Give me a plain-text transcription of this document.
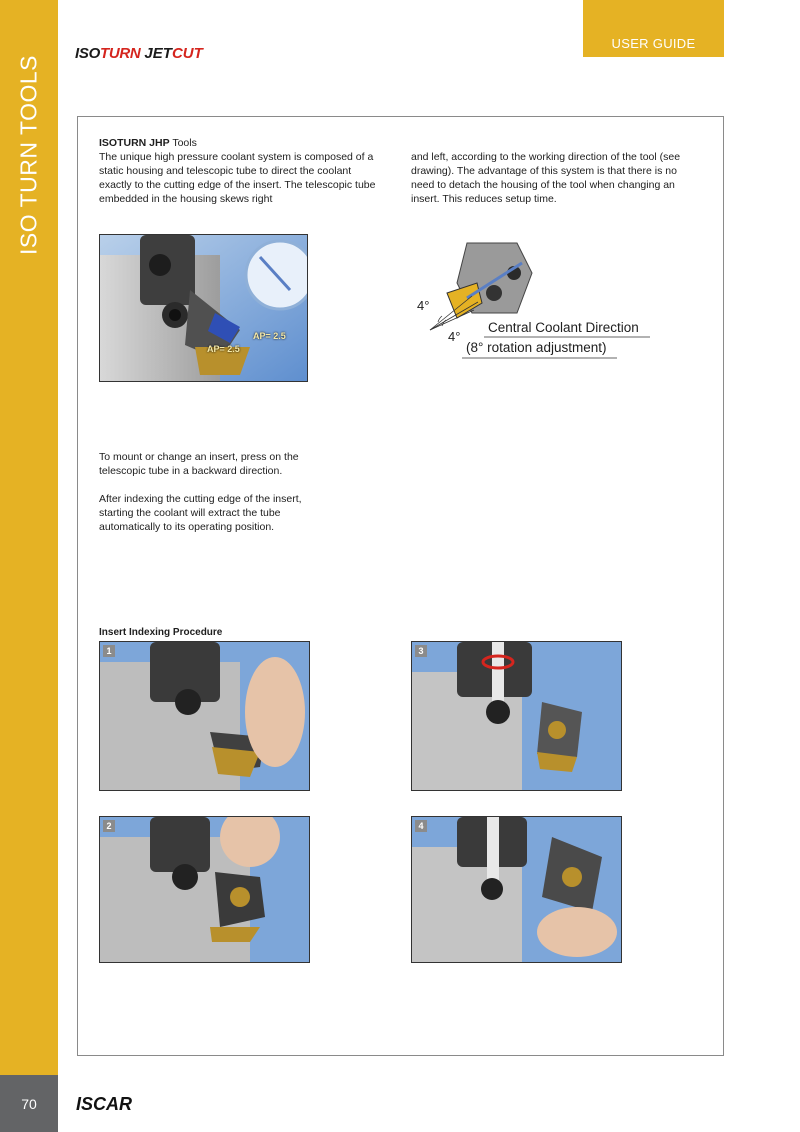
ISO TURN TOOLS
70	ISCAR
USER GUIDE
ISOTURN JETCUT
ISOTURN JHP Tools
The unique high pressure coolant system is composed of a static housing and telescopic tube to direct the coolant exactly to the cutting edge of the insert. The telescopic tube embedded in the housing skews right
and left, according to the working direction of the tool (see drawing). The advantage of this system is that there is no need to detach the housing of the tool when changing an insert. This reduces setup time.
AP= 2.5
AP= 2.5
4°
4°
Central Coolant Direction
(8° rotation adjustment)

To mount or change an insert, press on the telescopic tube in a backward direction.

After indexing the cutting edge of the insert, starting the coolant will extract the tube automatically to its operating position.

Insert Indexing Procedure
1
2
3
4
